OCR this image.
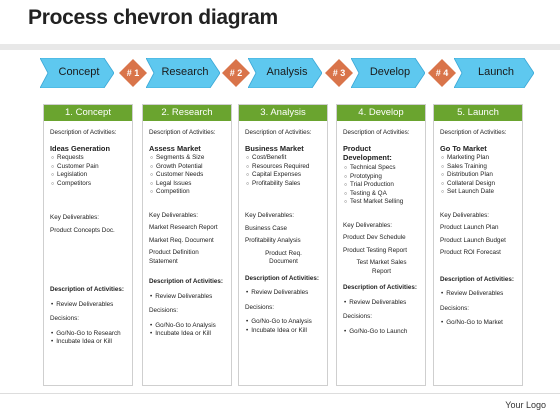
Process chevron diagram
Concept	# 1	Research	# 2	Analysis	# 3	Develop	# 4	Launch
1. Concept
Description of Activities:
Ideas Generation
○ Requests
○ Customer Pain
○ Legislation
○ Competitors
Key Deliverables:
Product Concepts Doc.
Description of Activities:
• Review Deliverables
Decisions:
• Go/No-Go to Research
• Incubate Idea or Kill
2. Research
Description of Activities:
Assess Market
○ Segments & Size
○ Growth Potential
○ Customer Needs
○ Legal Issues
○ Competition
Key Deliverables:
Market Research Report
Market Req. Document
Product Definition Statement
Description of Activities:
• Review Deliverables
Decisions:
• Go/No-Go to Analysis
• Incubate Idea or Kill
3. Analysis
Description of Activities:
Business Market
○ Cost/Benefit
○ Resources Required
○ Capital Expenses
○ Profitability Sales
Key Deliverables:
Business Case
Profitability Analysis
Product Req. Document
Description of Activities:
• Review Deliverables
Decisions:
• Go/No-Go to Analysis
• Incubate Idea or Kill
4. Develop
Description of Activities:
Product Development:
○ Technical Specs
○ Prototyping
○ Trial Production
○ Testing & QA
○ Test Market Selling
Key Deliverables:
Product Dev Schedule
Product Testing Report
Test Market Sales Report
Description of Activities:
• Review Deliverables
Decisions:
• Go/No-Go to Launch
5. Launch
Description of Activities:
Go To Market
○ Marketing Plan
○ Sales Training
○ Distribution Plan
○ Collateral Design
○ Set Launch Date
Key Deliverables:
Product Launch Plan
Product Launch Budget
Product ROI Forecast
Description of Activities:
• Review Deliverables
Decisions:
• Go/No-Go to Market
Your Logo
